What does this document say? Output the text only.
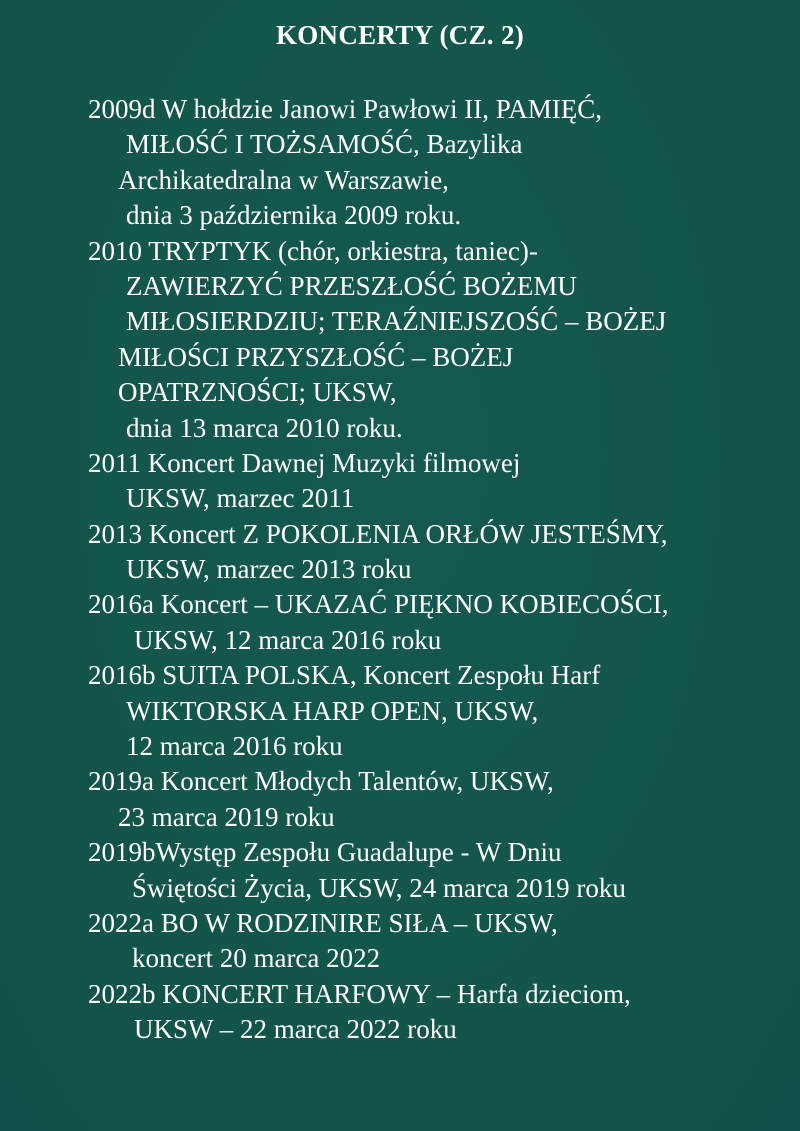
KONCERTY (CZ. 2)
2009d W hołdzie Janowi Pawłowi II, PAMIĘĆ,
MIŁOŚĆ I TOŻSAMOŚĆ, Bazylika
Archikatedralna w Warszawie,
dnia 3 października 2009 roku.
2010 TRYPTYK (chór, orkiestra, taniec)-
ZAWIERZYĆ PRZESZŁOŚĆ BOŻEMU
MIŁOSIERDZIU; TERAŹNIEJSZOŚĆ – BOŻEJ
MIŁOŚCI PRZYSZŁOŚĆ – BOŻEJ
OPATRZNOŚCI; UKSW,
dnia 13 marca 2010 roku.
2011 Koncert Dawnej Muzyki filmowej
UKSW, marzec 2011
2013 Koncert Z POKOLENIA ORŁÓW JESTEŚMY,
UKSW, marzec 2013 roku
2016a Koncert – UKAZAĆ PIĘKNO KOBIECOŚCI,
UKSW, 12 marca 2016 roku
2016b SUITA POLSKA, Koncert Zespołu Harf
WIKTORSKA HARP OPEN, UKSW,
12 marca 2016 roku
2019a Koncert Młodych Talentów, UKSW,
23 marca 2019 roku
2019bWystęp Zespołu Guadalupe - W Dniu
Świętości Życia, UKSW, 24 marca 2019 roku
2022a BO W RODZINIRE SIŁA – UKSW,
koncert 20 marca 2022
2022b KONCERT HARFOWY – Harfa dzieciom,
UKSW – 22 marca 2022 roku
